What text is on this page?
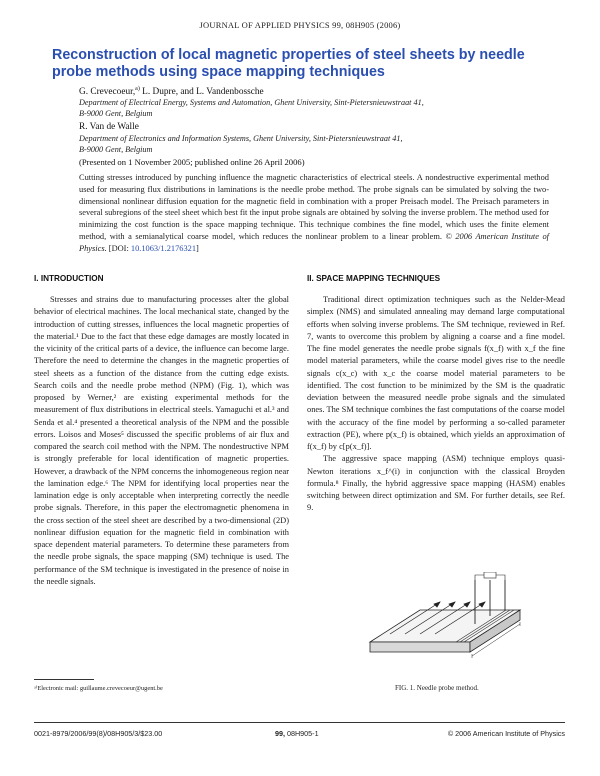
JOURNAL OF APPLIED PHYSICS 99, 08H905 (2006)
Reconstruction of local magnetic properties of steel sheets by needle probe methods using space mapping techniques
G. Crevecoeur,$^{a)}$ L. Dupre, and L. Vandenbossche
Department of Electrical Energy, Systems and Automation, Ghent University, Sint-Pietersnieuwstraat 41,
B-9000 Gent, Belgium
R. Van de Walle
Department of Electronics and Information Systems, Ghent University, Sint-Pietersnieuwstraat 41,
B-9000 Gent, Belgium
(Presented on 1 November 2005; published online 26 April 2006)
Cutting stresses introduced by punching influence the magnetic characteristics of electrical steels. A nondestructive experimental method used for measuring flux distributions in laminations is the needle probe method. The probe signals can be simulated by solving the two-dimensional nonlinear diffusion equation for the magnetic field in combination with a proper Preisach model. The Preisach parameters in several subregions of the steel sheet which best fit the input probe signals are obtained by solving the inverse problem. The method used for minimizing the cost function is the space mapping technique. This technique combines the fine model, which uses the finite element method, with a semianalytical coarse model, which reduces the nonlinear problem to a linear problem. © 2006 American Institute of Physics. [DOI: 10.1063/1.2176321]
I. INTRODUCTION

Stresses and strains due to manufacturing processes alter the global behavior of electrical machines. The local mechanical state, changed by the introduction of cutting stresses, influences the local magnetic properties of the material.¹ Due to the fact that these edge damages are mostly located in the vicinity of the critical parts of a device, the influence can become large. Therefore the need to determine the changes in the magnetic properties of steel sheets as a function of the distance from the cutting edge exists. Search coils and the needle probe method (NPM) (Fig. 1), which was proposed by Werner,² are existing experimental methods for the measurement of flux distributions in electrical steels. Yamaguchi et al.³ and Senda et al.⁴ presented a theoretical analysis of the NPM and the possible errors. Loisos and Moses⁵ discussed the specific problems of air flux and compared the search coil method with the NPM. The nondestructive NPM is strongly preferable for local identification of magnetic properties. However, a drawback of the NPM concerns the inhomogeneous region near the lamination edge.⁶ The NPM for identifying local properties near the lamination edge is only acceptable when interpreting correctly the needle probe signals. Therefore, in this paper the electromagnetic phenomena in the cross section of the steel sheet are described by a two-dimensional (2D) nonlinear diffusion equation for the magnetic field in combination with space dependent material parameters. To determine these parameters from the needle probe signals, the space mapping (SM) technique is used. The performance of the SM technique is investigated in the presence of noise in the needle signals.

II. SPACE MAPPING TECHNIQUES

Traditional direct optimization techniques such as the Nelder-Mead simplex (NMS) and simulated annealing may demand large computational efforts when solving inverse problems. The SM technique, reviewed in Ref. 7, wants to overcome this problem by aligning a coarse and a fine model. The fine model generates the needle probe signals f(x_f) with x_f the fine model material parameters, while the coarse model gives rise to the needle signals c(x_c) with x_c the coarse model material parameters to be identified. The cost function to be minimized by the SM is the quadratic deviation between the measured needle probe signals and the simulated ones. The SM technique combines the fast computations of the coarse model with the accuracy of the fine model by performing a so-called parameter extraction (PE), where p(x_f) is obtained, which yields an approximation of f(x_f) by c[p(x_f)].

The aggressive space mapping (ASM) technique employs quasi-Newton iterations x_f^(i) in conjunction with the classical Broyden formula.⁸ Finally, the hybrid aggressive space mapping (HASM) enables switching between direct optimization and SM. For further details, see Ref. 9.

ᵃ⁾Electronic mail: guillaume.crevecoeur@ugent.be	FIG. 1. Needle probe method.
0021-8979/2006/99(8)/08H905/3/$23.00	99, 08H905-1	© 2006 American Institute of Physics
